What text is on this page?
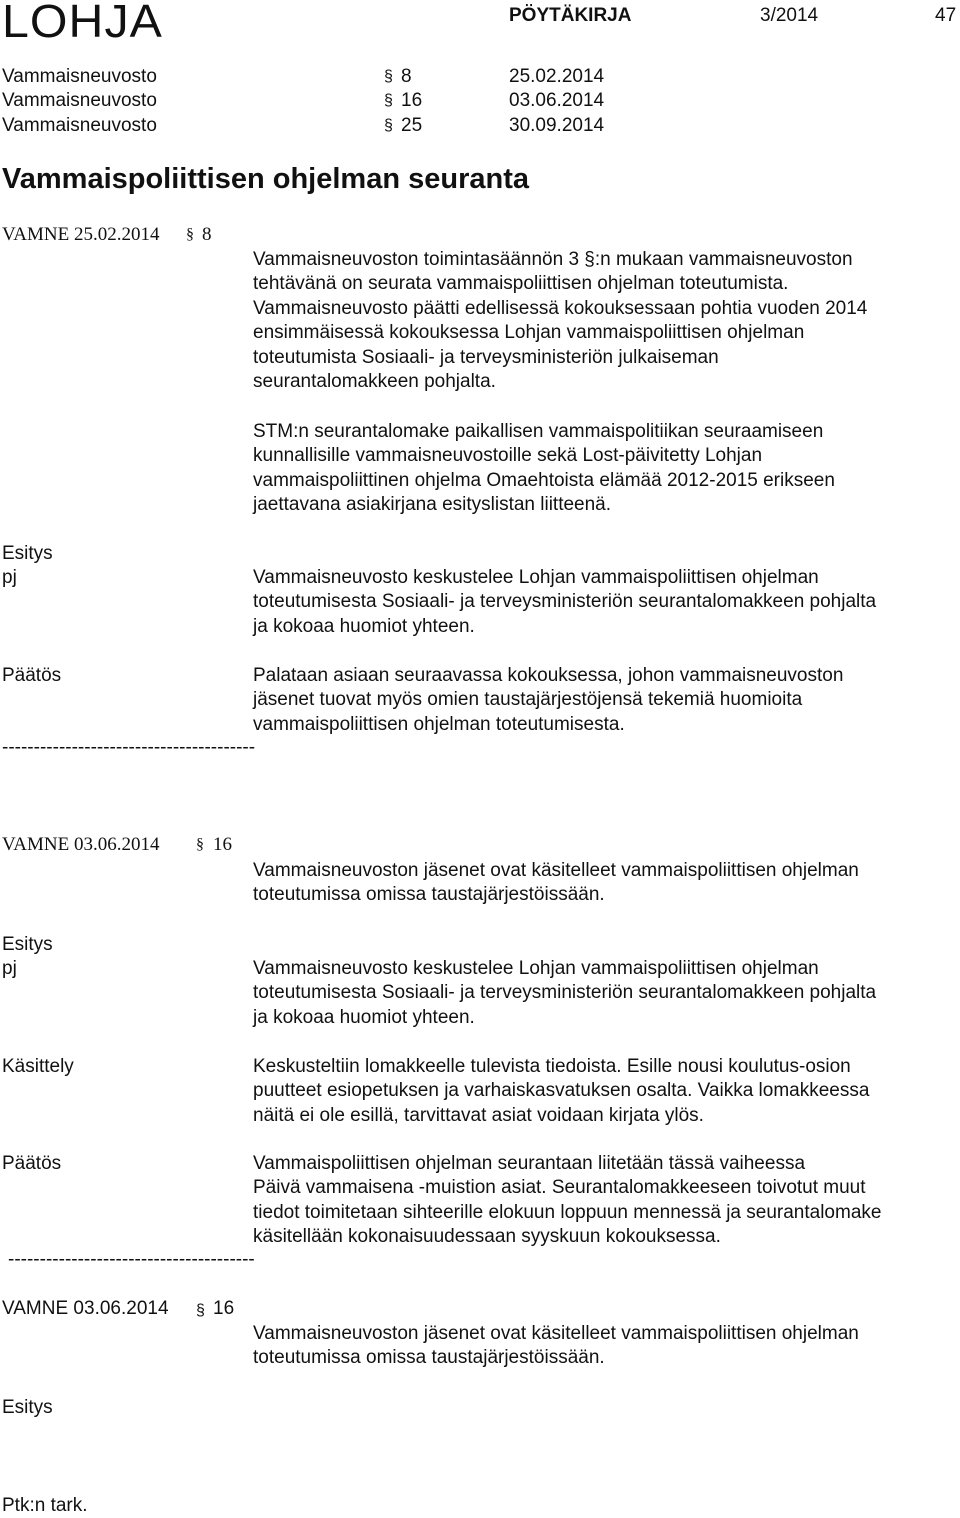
LOHJA	PÖYTÄKIRJA	3/2014	47
Vammaisneuvosto	§ 8	25.02.2014
Vammaisneuvosto	§ 16	03.06.2014
Vammaisneuvosto	§ 25	30.09.2014
Vammaispoliittisen ohjelman seuranta
VAMNE 25.02.2014 § 8
Vammaisneuvoston toimintasäännön 3 §:n mukaan vammaisneuvoston
tehtävänä on seurata vammaispoliittisen ohjelman toteutumista.
Vammaisneuvosto päätti edellisessä kokouksessaan pohtia vuoden 2014
ensimmäisessä kokouksessa Lohjan vammaispoliittisen ohjelman
toteutumista Sosiaali- ja terveysministeriön julkaiseman
seurantalomakkeen pohjalta.
STM:n seurantalomake paikallisen vammaispolitiikan seuraamiseen
kunnallisille vammaisneuvostoille sekä Lost-päivitetty Lohjan
vammaispoliittinen ohjelma Omaehtoista elämää 2012-2015 erikseen
jaettavana asiakirjana esityslistan liitteenä.
Esitys
pj	Vammaisneuvosto keskustelee Lohjan vammaispoliittisen ohjelman
toteutumisesta Sosiaali- ja terveysministeriön seurantalomakkeen pohjalta
ja kokoaa huomiot yhteen.
Päätös	Palataan asiaan seuraavassa kokouksessa, johon vammaisneuvoston
jäsenet tuovat myös omien taustajärjestöjensä tekemiä huomioita
vammaispoliittisen ohjelman toteutumisesta.
----------------------------------------
VAMNE 03.06.2014 § 16
Vammaisneuvoston jäsenet ovat käsitelleet vammaispoliittisen ohjelman
toteutumissa omissa taustajärjestöissään.
Esitys
pj	Vammaisneuvosto keskustelee Lohjan vammaispoliittisen ohjelman
toteutumisesta Sosiaali- ja terveysministeriön seurantalomakkeen pohjalta
ja kokoaa huomiot yhteen.
Käsittely	Keskusteltiin lomakkeelle tulevista tiedoista. Esille nousi koulutus-osion
puutteet esiopetuksen ja varhaiskasvatuksen osalta. Vaikka lomakkeessa
näitä ei ole esillä, tarvittavat asiat voidaan kirjata ylös.
Päätös	Vammaispoliittisen ohjelman seurantaan liitetään tässä vaiheessa
Päivä vammaisena -muistion asiat. Seurantalomakkeeseen toivotut muut
tiedot toimitetaan sihteerille elokuun loppuun mennessä ja seurantalomake
käsitellään kokonaisuudessaan syyskuun kokouksessa.
---------------------------------------
VAMNE 03.06.2014 § 16
Vammaisneuvoston jäsenet ovat käsitelleet vammaispoliittisen ohjelman
toteutumissa omissa taustajärjestöissään.
Esitys
Ptk:n tark.
